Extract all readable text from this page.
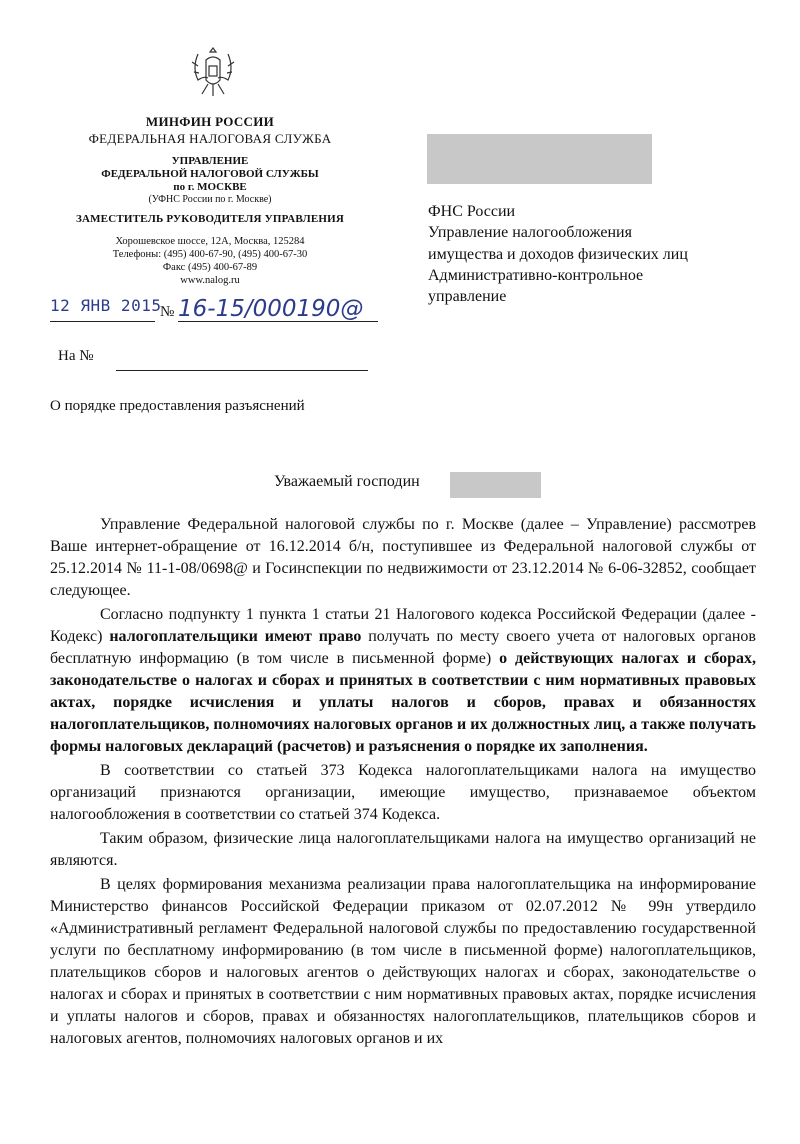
МИНФИН РОССИИ
ФЕДЕРАЛЬНАЯ НАЛОГОВАЯ СЛУЖБА
УПРАВЛЕНИЕ
ФЕДЕРАЛЬНОЙ НАЛОГОВОЙ СЛУЖБЫ
по г. МОСКВЕ
(УФНС России по г. Москве)
ЗАМЕСТИТЕЛЬ РУКОВОДИТЕЛЯ УПРАВЛЕНИЯ
Хорошевское шоссе, 12А, Москва, 125284
Телефоны: (495) 400-67-90, (495) 400-67-30
Факс (495) 400-67-89
www.nalog.ru
12 ЯНВ 2015
№ 16-15/000190@
На №
О порядке предоставления разъяснений
ФНС России
Управление налогообложения
имущества и доходов физических лиц
Административно-контрольное
управление
Уважаемый господин

Управление Федеральной налоговой службы по г. Москве (далее – Управление) рассмотрев Ваше интернет-обращение от 16.12.2014 б/н, поступившее из Федеральной налоговой службы от 25.12.2014 № 11-1-08/0698@ и Госинспекции по недвижимости от 23.12.2014 № 6-06-32852, сообщает следующее.

Согласно подпункту 1 пункта 1 статьи 21 Налогового кодекса Российской Федерации (далее - Кодекс) налогоплательщики имеют право получать по месту своего учета от налоговых органов бесплатную информацию (в том числе в письменной форме) о действующих налогах и сборах, законодательстве о налогах и сборах и принятых в соответствии с ним нормативных правовых актах, порядке исчисления и уплаты налогов и сборов, правах и обязанностях налогоплательщиков, полномочиях налоговых органов и их должностных лиц, а также получать формы налоговых деклараций (расчетов) и разъяснения о порядке их заполнения.

В соответствии со статьей 373 Кодекса налогоплательщиками налога на имущество организаций признаются организации, имеющие имущество, признаваемое объектом налогообложения в соответствии со статьей 374 Кодекса.

Таким образом, физические лица налогоплательщиками налога на имущество организаций не являются.

В целях формирования механизма реализации права налогоплательщика на информирование Министерство финансов Российской Федерации приказом от 02.07.2012 № 99н утвердило «Административный регламент Федеральной налоговой службы по предоставлению государственной услуги по бесплатному информированию (в том числе в письменной форме) налогоплательщиков, плательщиков сборов и налоговых агентов о действующих налогах и сборах, законодательстве о налогах и сборах и принятых в соответствии с ним нормативных правовых актах, порядке исчисления и уплаты налогов и сборов, правах и обязанностях налогоплательщиков, плательщиков сборов и налоговых агентов, полномочиях налоговых органов и их
